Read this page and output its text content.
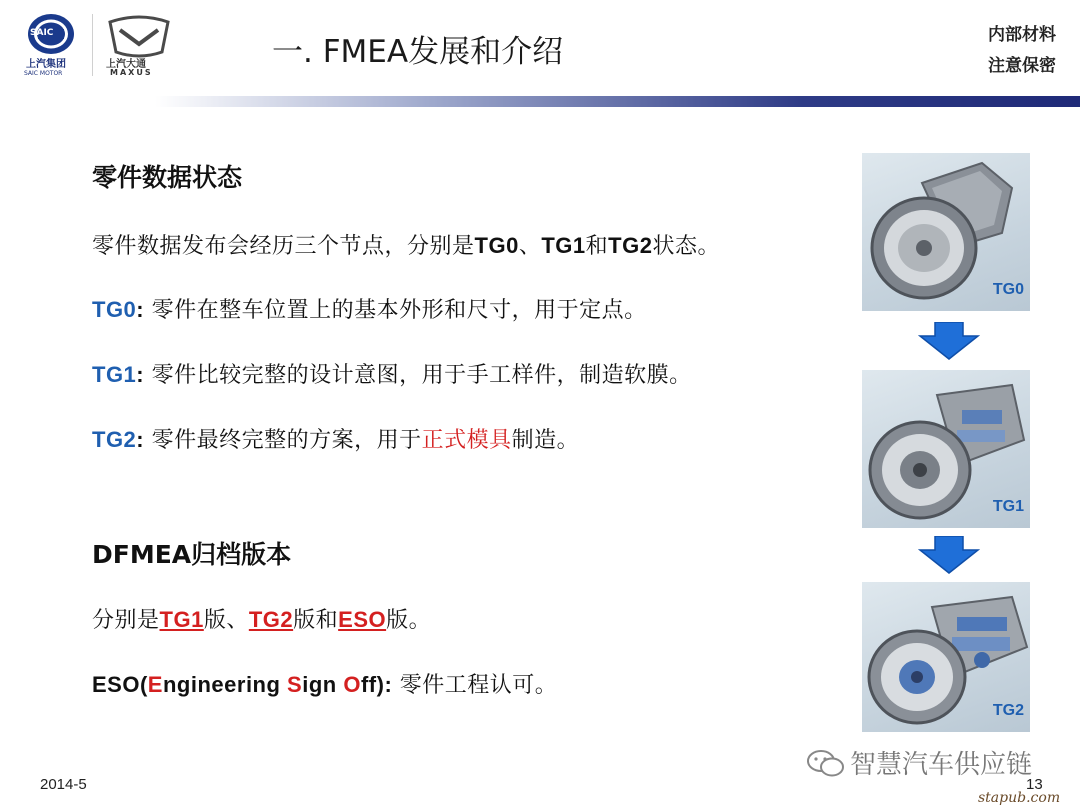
SAIC
上汽集团
SAIC MOTOR
上汽大通
MAXUS
一. FMEA发展和介绍	内部材料
注意保密
零件数据状态
零件数据发布会经历三个节点，分别是TG0、TG1和TG2状态。
TG0: 零件在整车位置上的基本外形和尺寸，用于定点。
TG1: 零件比较完整的设计意图，用于手工样件，制造软膜。
TG2: 零件最终完整的方案，用于正式模具制造。
DFMEA归档版本
分别是TG1版、TG2版和ESO版。
ESO(Engineering Sign Off): 零件工程认可。
TG0
TG1
TG2
2014-5	13
智慧汽车供应链
stapub.com
